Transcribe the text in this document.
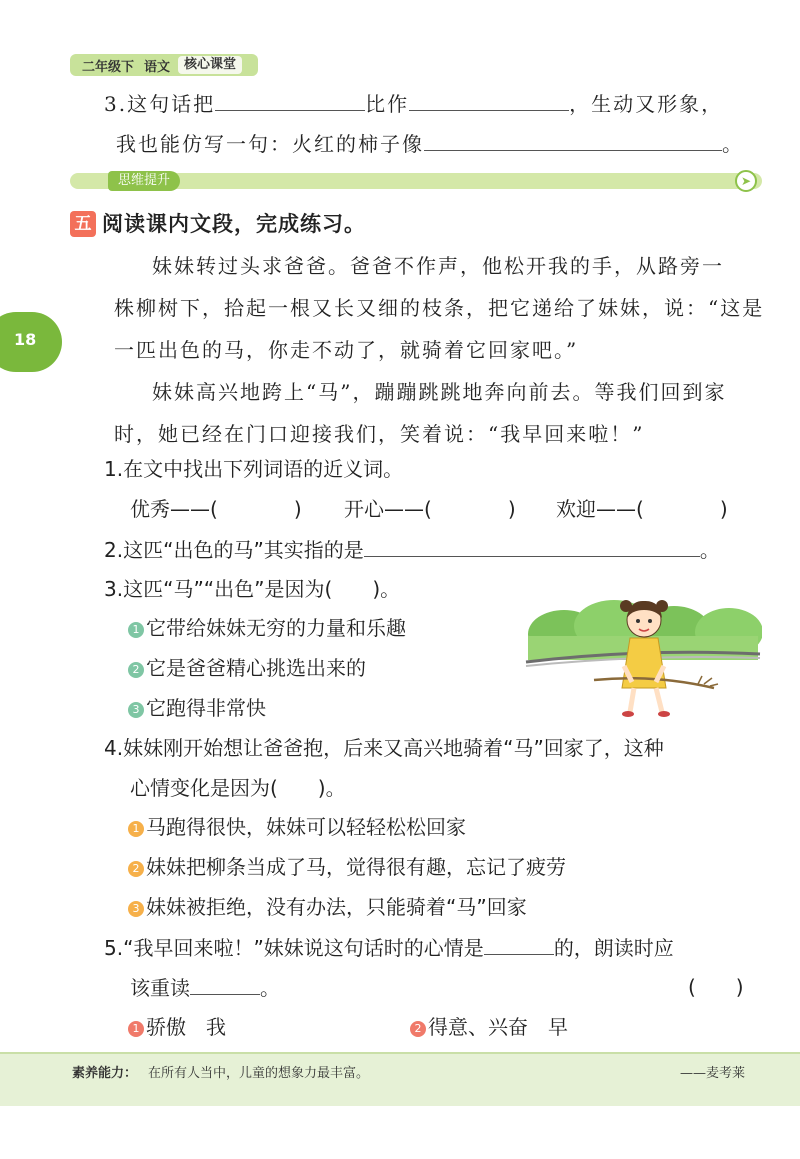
二年级下 语文	核心课堂
3.这句话把	比作	，生动又形象，
我也能仿写一句：火红的柿子像	。
思维提升	➤
五 阅读课内文段，完成练习。
18
妹妹转过头求爸爸。爸爸不作声，他松开我的手，从路旁一
株柳树下，拾起一根又长又细的枝条，把它递给了妹妹，说：“这是
一匹出色的马，你走不动了，就骑着它回家吧。”
妹妹高兴地跨上“马”，蹦蹦跳跳地奔向前去。等我们回到家
时，她已经在门口迎接我们，笑着说：“我早回来啦！”
1.在文中找出下列词语的近义词。
优秀——(	) 开心——(	) 欢迎——(	)
2.这匹“出色的马”其实指的是	。
3.这匹“马”“出色”是因为(　　)。
1 它带给妹妹无穷的力量和乐趣
2 它是爸爸精心挑选出来的
3 它跑得非常快
4.妹妹刚开始想让爸爸抱，后来又高兴地骑着“马”回家了，这种
心情变化是因为(　　)。
1 马跑得很快，妹妹可以轻轻松松回家
2 妹妹把柳条当成了马，觉得很有趣，忘记了疲劳
3 妹妹被拒绝，没有办法，只能骑着“马”回家
5.“我早回来啦！”妹妹说这句话时的心情是	的，朗读时应
该重读	。	(　　)
1 骄傲　我	2 得意、兴奋　早
素养能力： 在所有人当中，儿童的想象力最丰富。	——麦考莱
